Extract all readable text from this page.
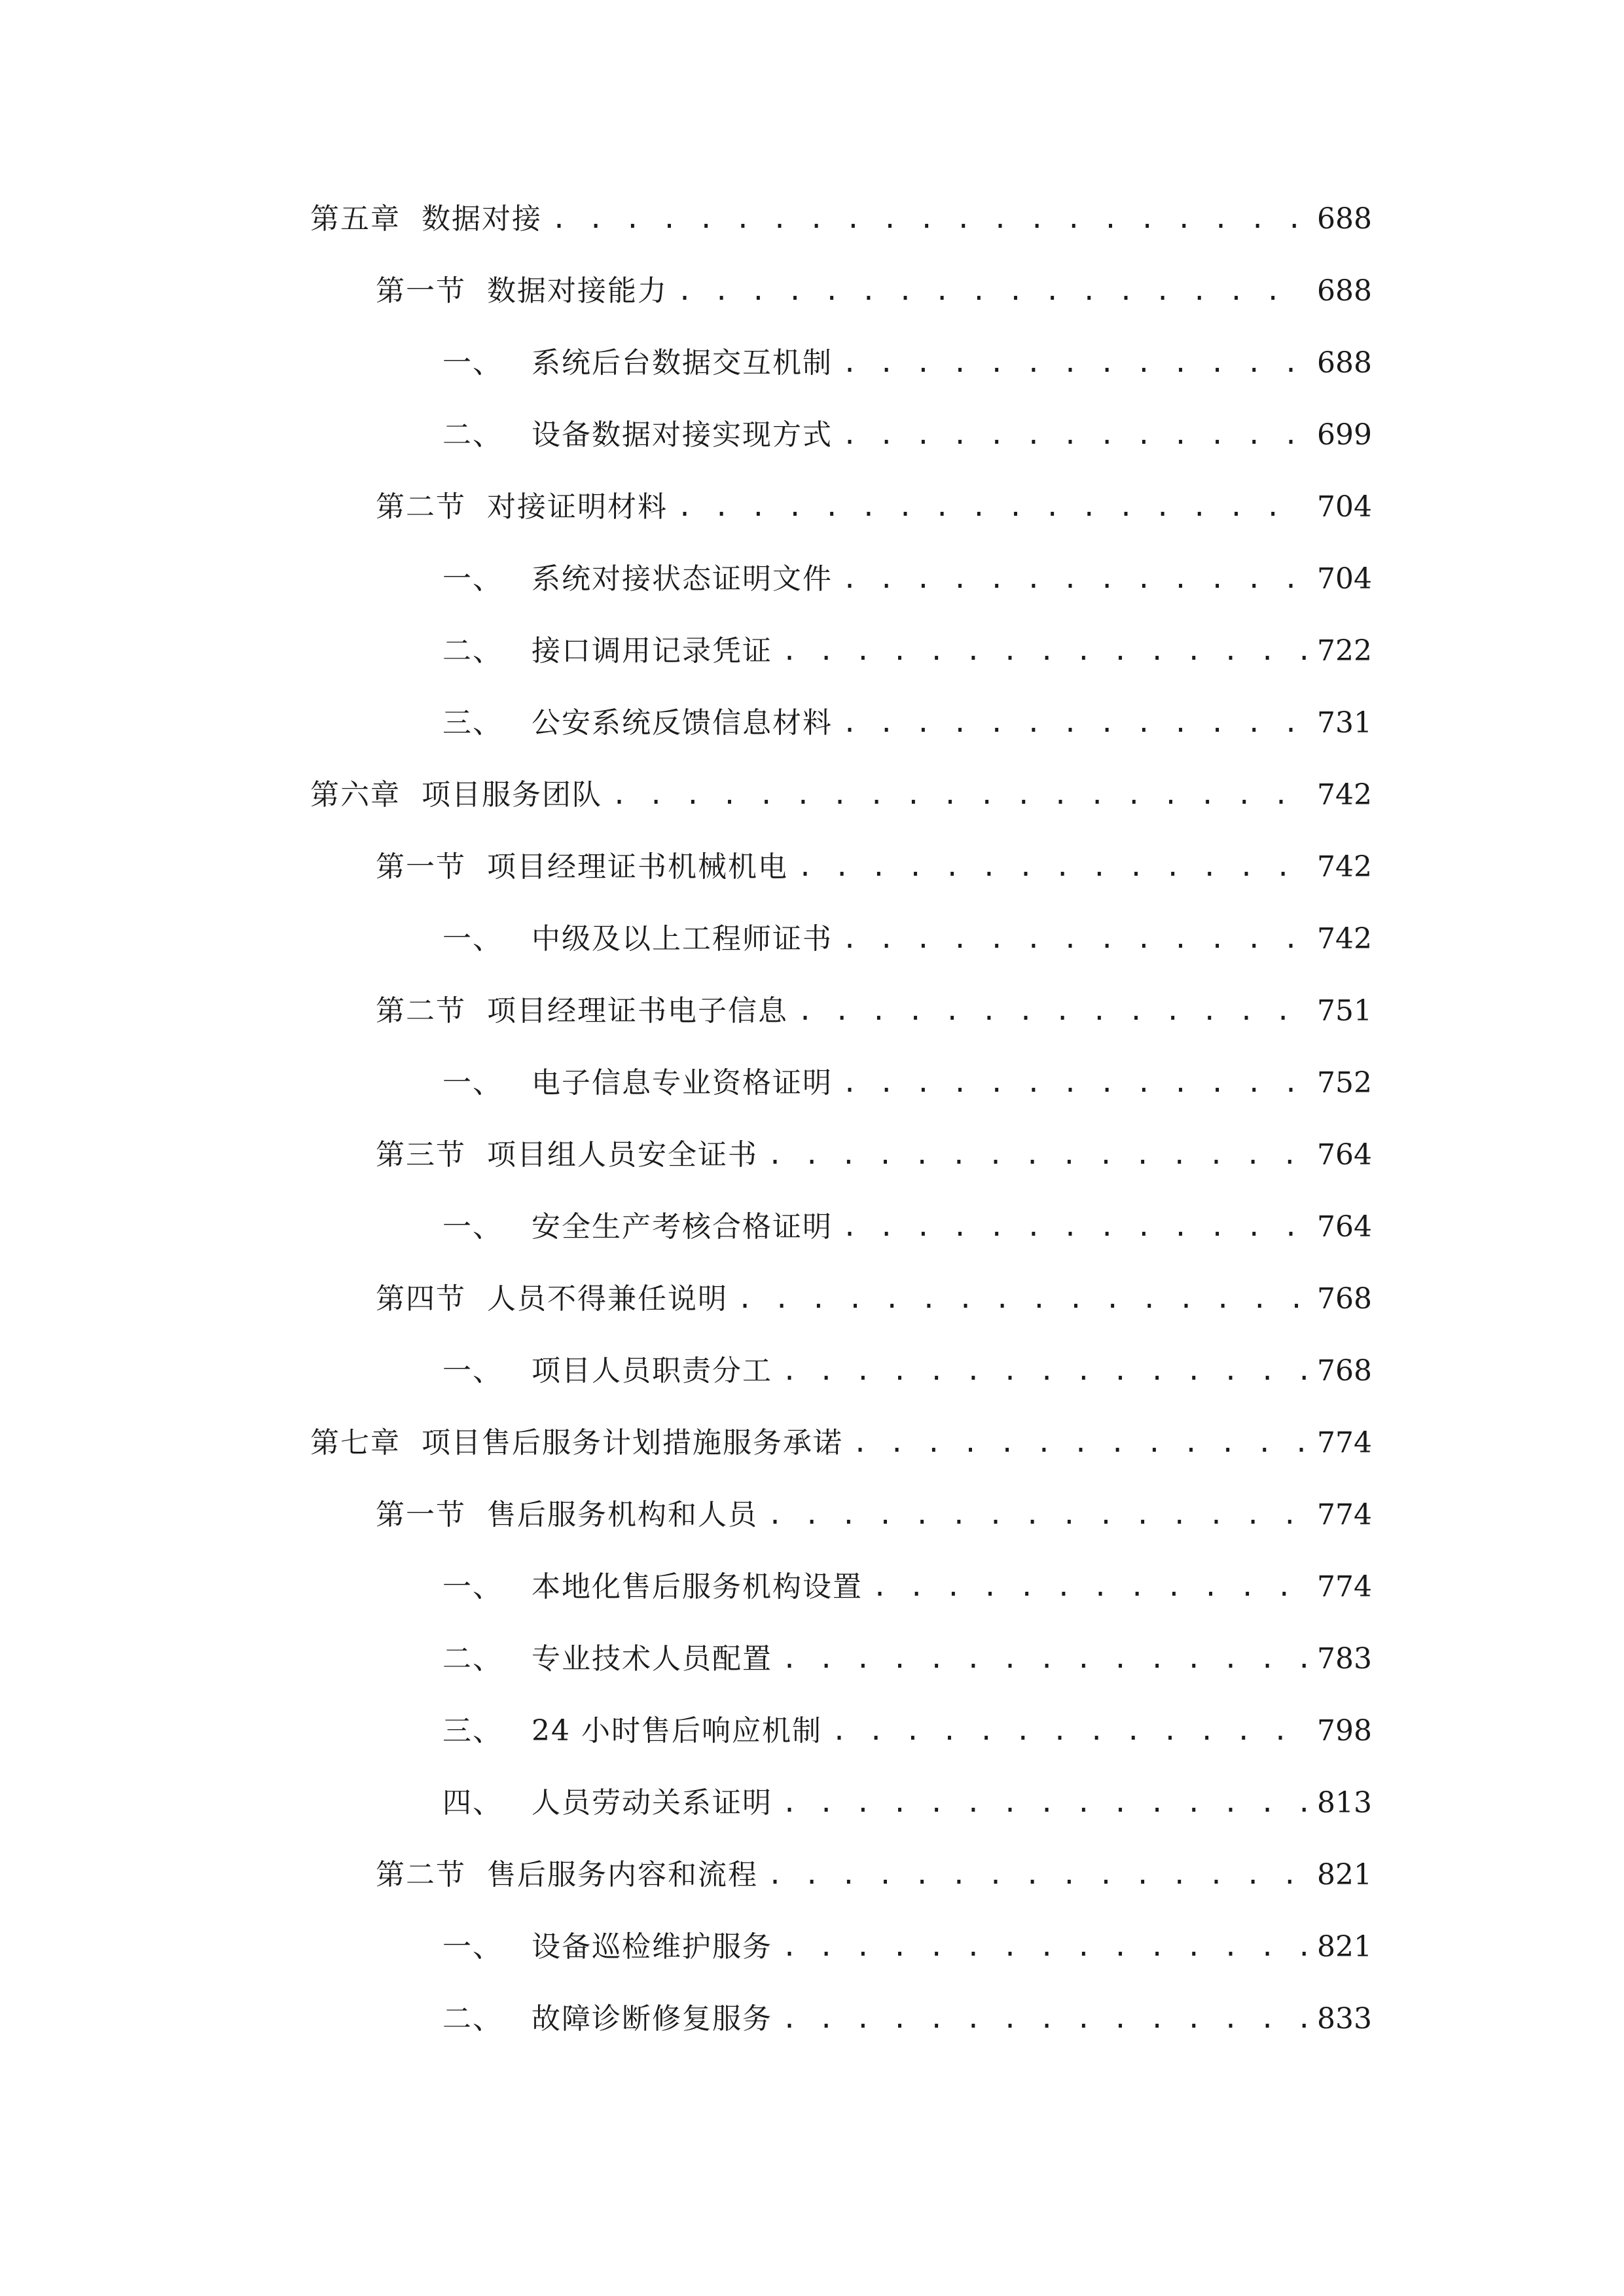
第五章 数据对接 . . .	688
第一节 数据对接能力 . . .	688
一、 系统后台数据交互机制 . . .	688
二、 设备数据对接实现方式 . . .	699
第二节 对接证明材料 . . .	704
一、 系统对接状态证明文件 . . .	704
二、 接口调用记录凭证 . . .	722
三、 公安系统反馈信息材料 . . .	731
第六章 项目服务团队 . . .	742
第一节 项目经理证书机械机电 . . .	742
一、 中级及以上工程师证书 . . .	742
第二节 项目经理证书电子信息 . . .	751
一、 电子信息专业资格证明 . . .	752
第三节 项目组人员安全证书 . . .	764
一、 安全生产考核合格证明 . . .	764
第四节 人员不得兼任说明 . . .	768
一、 项目人员职责分工 . . .	768
第七章 项目售后服务计划措施服务承诺 . . .	774
第一节 售后服务机构和人员 . . .	774
一、 本地化售后服务机构设置 . . .	774
二、 专业技术人员配置 . . .	783
三、 24 小时售后响应机制 . . .	798
四、 人员劳动关系证明 . . .	813
第二节 售后服务内容和流程 . . .	821
一、 设备巡检维护服务 . . .	821
二、 故障诊断修复服务 . . .	833
